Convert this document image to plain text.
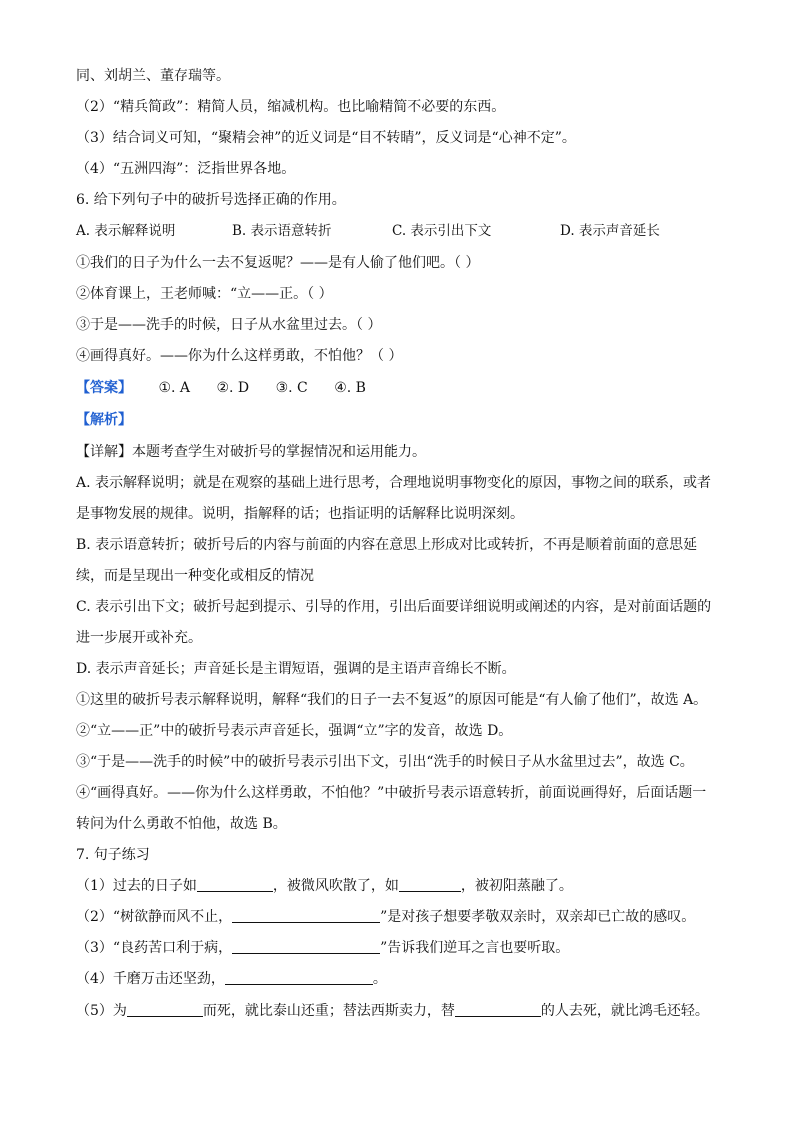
同、刘胡兰、董存瑞等。
（2）“精兵简政”：精简人员，缩减机构。也比喻精简不必要的东西。
（3）结合词义可知，“聚精会神”的近义词是“目不转睛”，反义词是“心神不定”。
（4）“五洲四海”：泛指世界各地。
6. 给下列句子中的破折号选择正确的作用。
A. 表示解释说明	B. 表示语意转折	C. 表示引出下文	D. 表示声音延长
①我们的日子为什么一去不复返呢？——是有人偷了他们吧。（ ）
②体育课上，王老师喊：“立——正。（ ）
③于是——洗手的时候，日子从水盆里过去。（ ）
④画得真好。——你为什么这样勇敢，不怕他？（ ）
【答案】 ①. A ②. D ③. C ④. B
【解析】
【详解】本题考查学生对破折号的掌握情况和运用能力。
A. 表示解释说明；就是在观察的基础上进行思考，合理地说明事物变化的原因，事物之间的联系，或者
是事物发展的规律。说明，指解释的话；也指证明的话解释比说明深刻。
B. 表示语意转折；破折号后的内容与前面的内容在意思上形成对比或转折，不再是顺着前面的意思延
续，而是呈现出一种变化或相反的情况
C. 表示引出下文；破折号起到提示、引导的作用，引出后面要详细说明或阐述的内容，是对前面话题的
进一步展开或补充。
D. 表示声音延长；声音延长是主谓短语，强调的是主语声音绵长不断。
①这里的破折号表示解释说明，解释“我们的日子一去不复返”的原因可能是“有人偷了他们”，故选 A。
②“立——正”中的破折号表示声音延长，强调“立”字的发音，故选 D。
③“于是——洗手的时候”中的破折号表示引出下文，引出“洗手的时候日子从水盆里过去”，故选 C。
④“画得真好。——你为什么这样勇敢，不怕他？”中破折号表示语意转折，前面说画得好，后面话题一
转问为什么勇敢不怕他，故选 B。
7. 句子练习
（1）过去的日子如	，被微风吹散了，如	，被初阳蒸融了。
（2）“树欲静而风不止，	”是对孩子想要孝敬双亲时，双亲却已亡故的感叹。
（3）“良药苦口利于病，	”告诉我们逆耳之言也要听取。
（4）千磨万击还坚劲，	。
（5）为	而死，就比泰山还重；替法西斯卖力，替	的人去死，就比鸿毛还轻。
